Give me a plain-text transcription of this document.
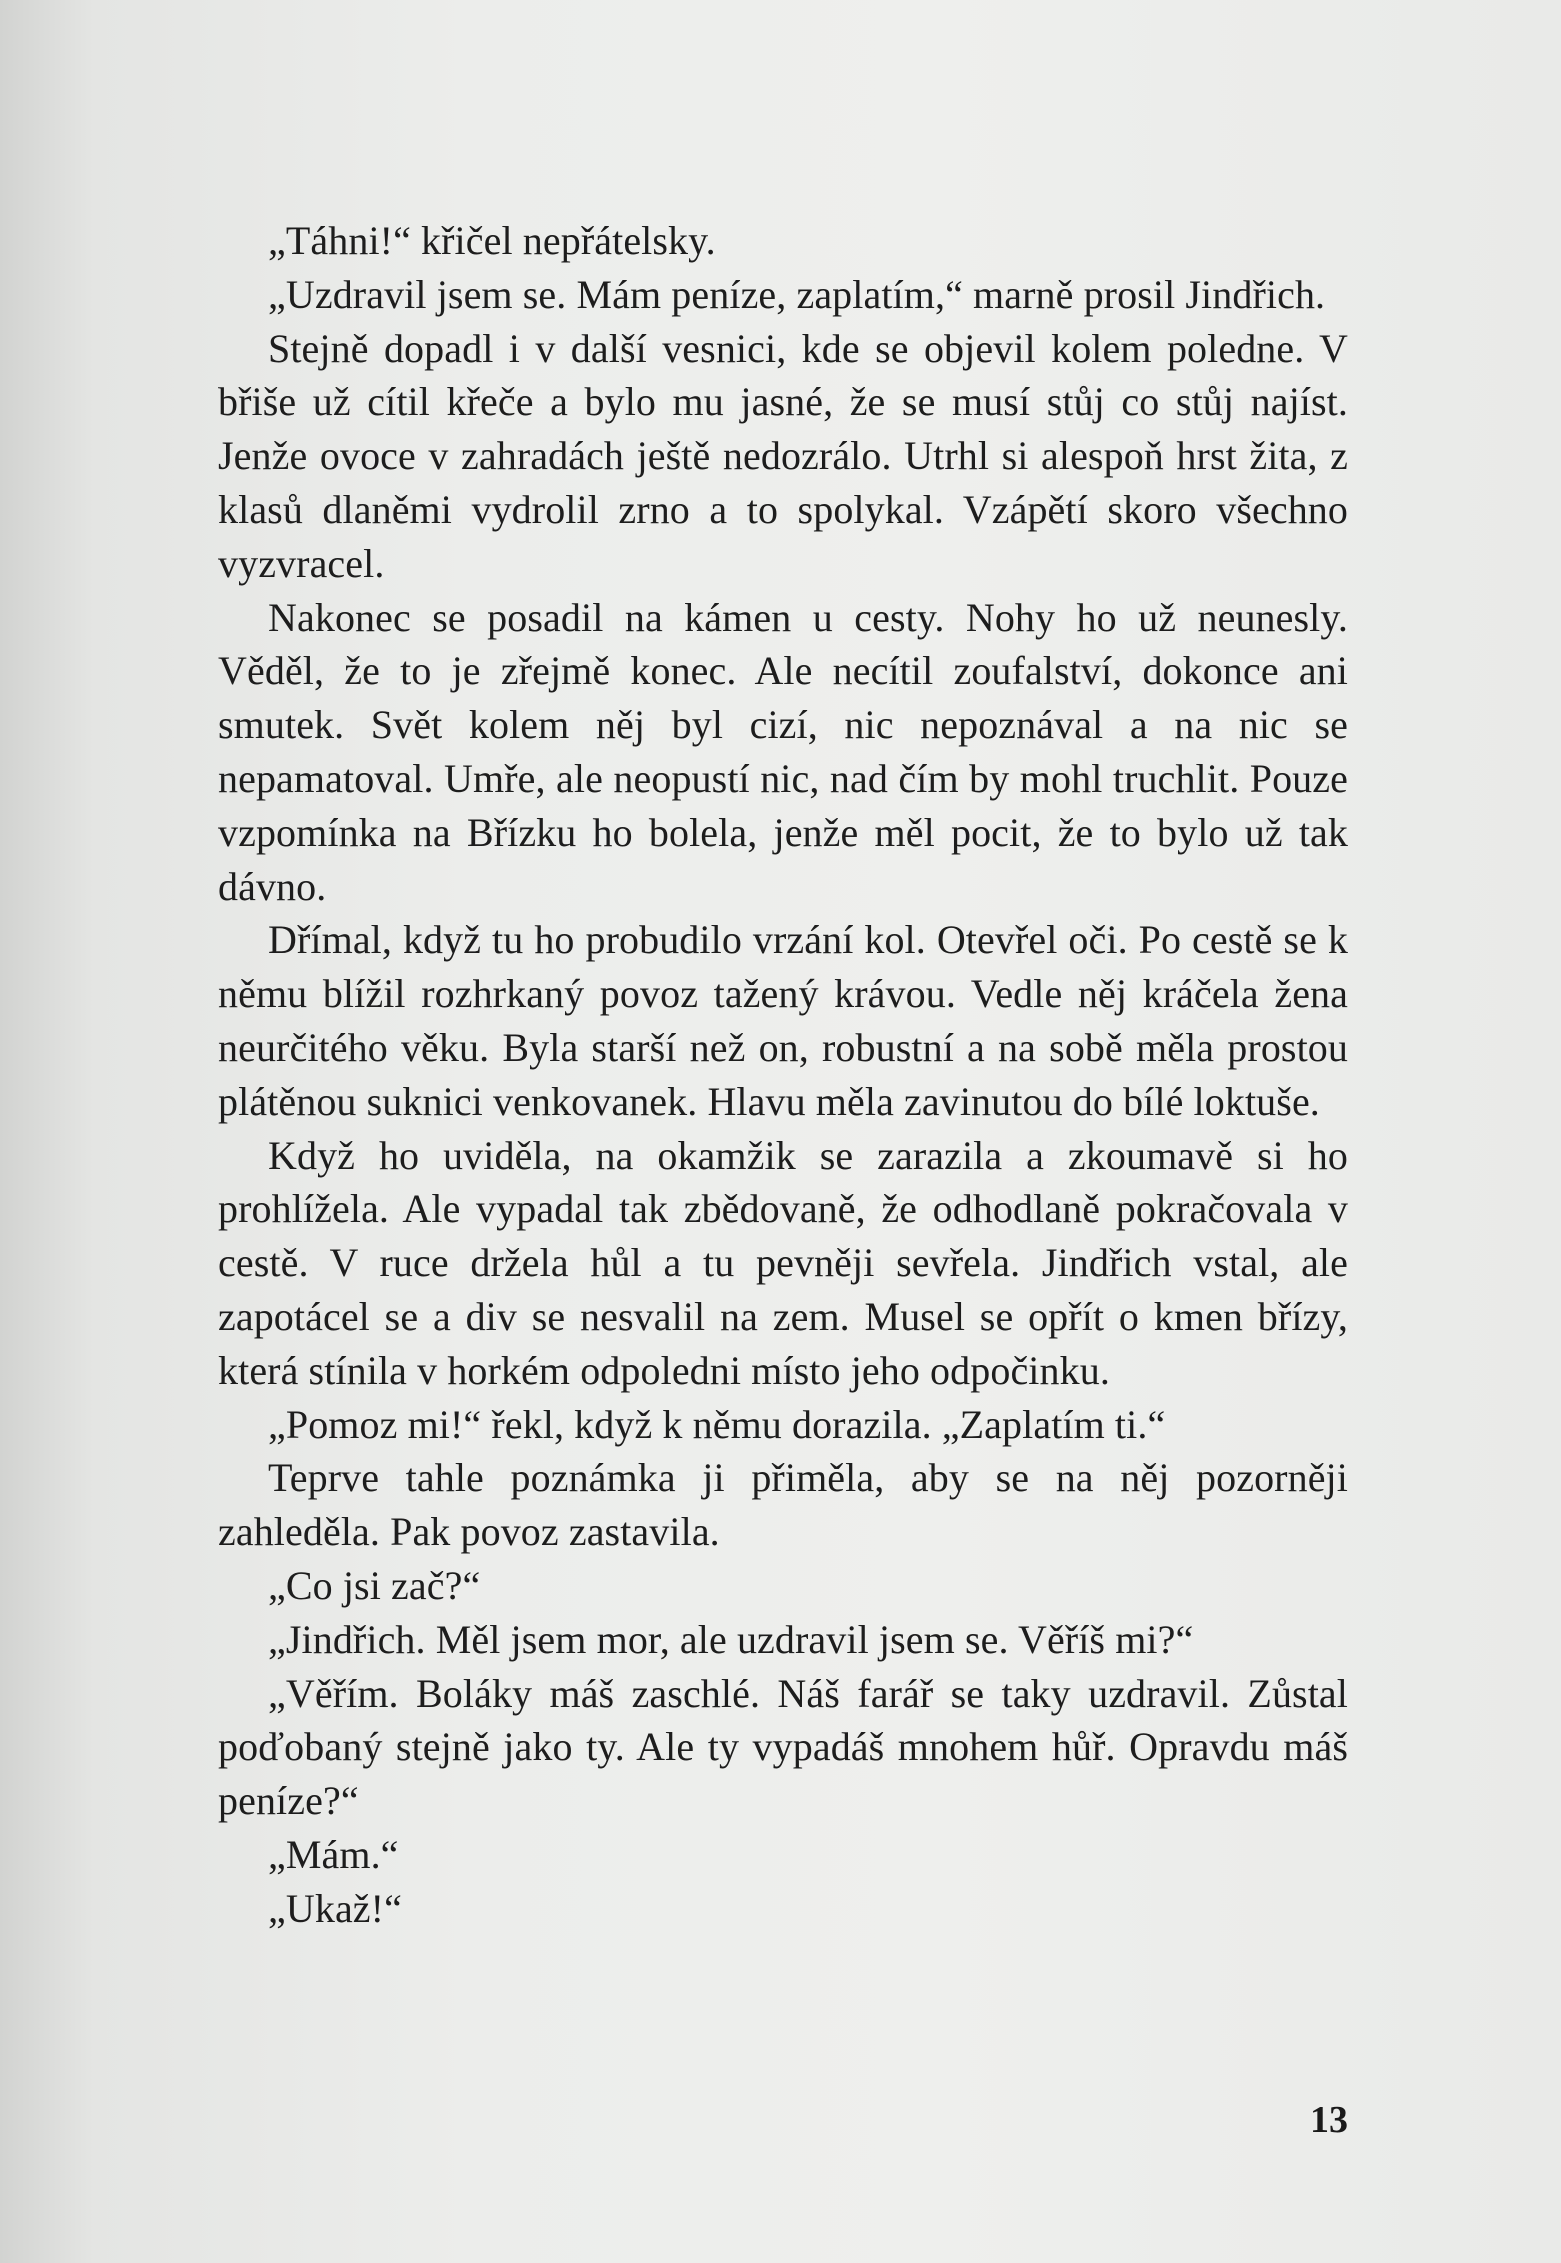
„Táhni!“ křičel nepřátelsky.

„Uzdravil jsem se. Mám peníze, zaplatím,“ marně prosil Jindřich.

Stejně dopadl i v další vesnici, kde se objevil kolem poledne. V břiše už cítil křeče a bylo mu jasné, že se musí stůj co stůj najíst. Jenže ovoce v zahradách ještě nedozrálo. Utrhl si alespoň hrst žita, z klasů dlaněmi vydrolil zrno a to spolykal. Vzápětí skoro všechno vyzvracel.

Nakonec se posadil na kámen u cesty. Nohy ho už neunesly. Věděl, že to je zřejmě konec. Ale necítil zoufalství, dokonce ani smutek. Svět kolem něj byl cizí, nic nepoznával a na nic se nepamatoval. Umře, ale neopustí nic, nad čím by mohl truchlit. Pouze vzpomínka na Břízku ho bolela, jenže měl pocit, že to bylo už tak dávno.

Dřímal, když tu ho probudilo vrzání kol. Otevřel oči. Po cestě se k němu blížil rozhrkaný povoz tažený krávou. Vedle něj kráčela žena neurčitého věku. Byla starší než on, robustní a na sobě měla prostou plátěnou suknici venkovanek. Hlavu měla zavinutou do bílé loktuše.

Když ho uviděla, na okamžik se zarazila a zkoumavě si ho prohlížela. Ale vypadal tak zbědovaně, že odhodlaně pokračovala v cestě. V ruce držela hůl a tu pevněji sevřela. Jindřich vstal, ale zapotácel se a div se nesvalil na zem. Musel se opřít o kmen břízy, která stínila v horkém odpoledni místo jeho odpočinku.

„Pomoz mi!“ řekl, když k němu dorazila. „Zaplatím ti.“

Teprve tahle poznámka ji přiměla, aby se na něj pozorněji zahleděla. Pak povoz zastavila.

„Co jsi zač?“

„Jindřich. Měl jsem mor, ale uzdravil jsem se. Věříš mi?“

„Věřím. Boláky máš zaschlé. Náš farář se taky uzdravil. Zůstal poďobaný stejně jako ty. Ale ty vypadáš mnohem hůř. Opravdu máš peníze?“

„Mám.“

„Ukaž!“

13
